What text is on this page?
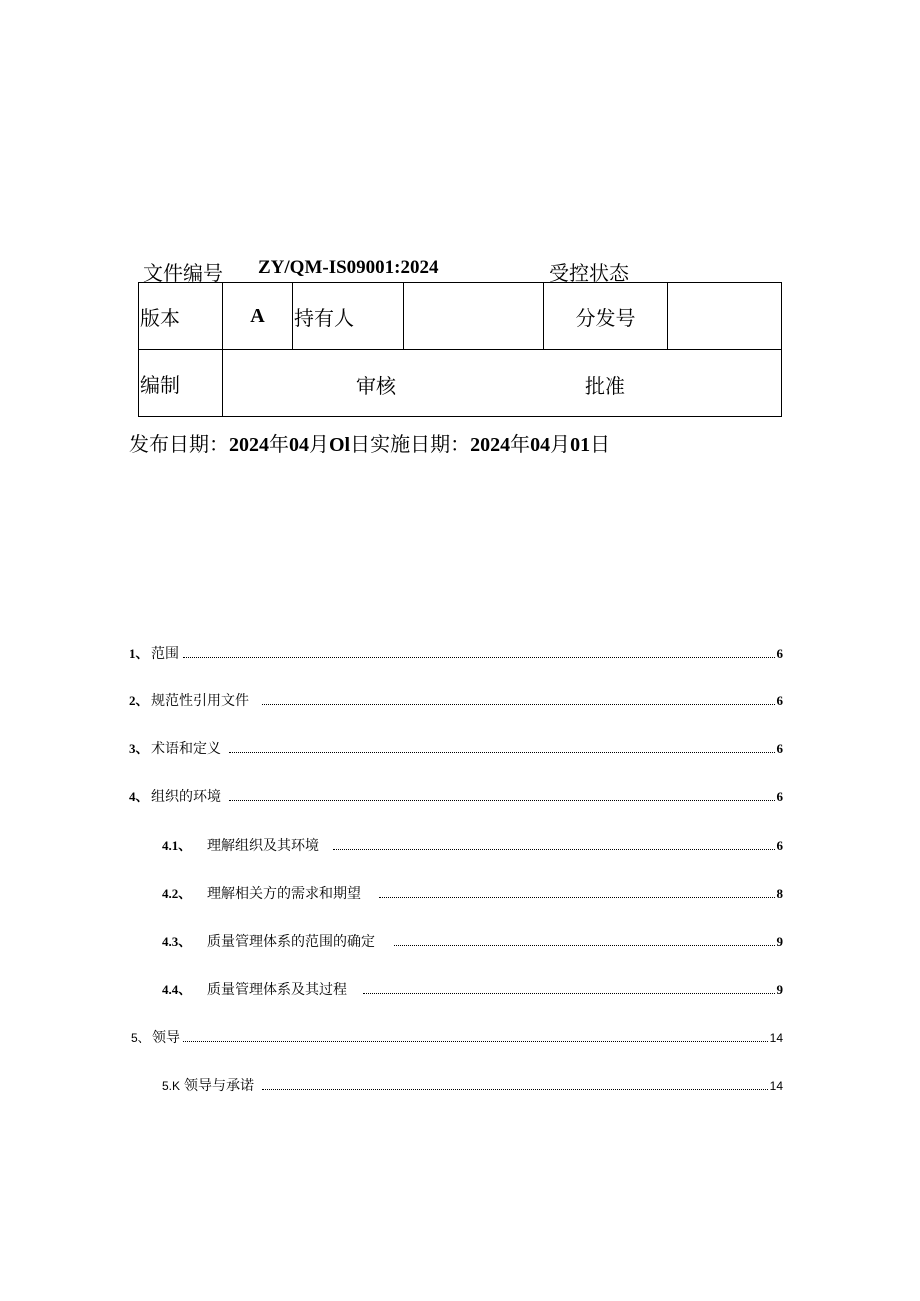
文件编号 ZY/QM-IS09001:2024	受控状态
版本	A	持有人		分发号	
编制	审核 批准				
发布日期：2024年04月Ol日实施日期：2024年04月01日
1、 范围	6
2、 规范性引用文件	6
3、 术语和定义	6
4、 组织的环境	6
4.1、 理解组织及其环境	6
4.2、 理解相关方的需求和期望	8
4.3、 质量管理体系的范围的确定	9
4.4、 质量管理体系及其过程	9
5、 领导	14
5.K 领导与承诺	14
